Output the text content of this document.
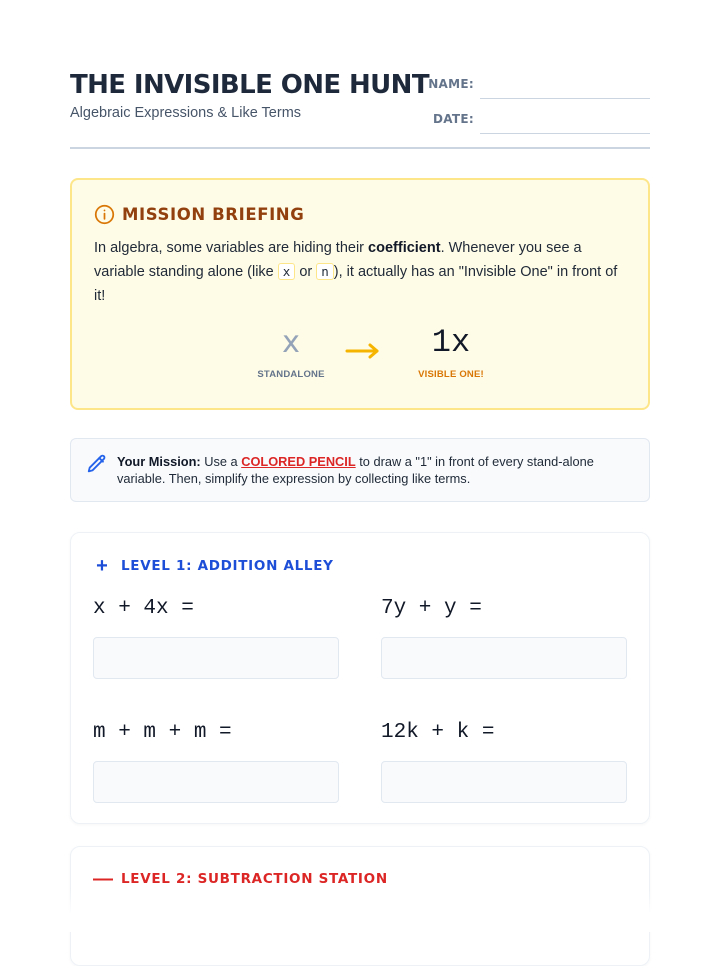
THE INVISIBLE ONE HUNT
Algebraic Expressions & Like Terms
NAME:
DATE:
MISSION BRIEFING
In algebra, some variables are hiding their coefficient. Whenever you see a variable standing alone (like x or n ), it actually has an "Invisible One" in front of it!
x
STANDALONE
1x
VISIBLE ONE!
Your Mission: Use a COLORED PENCIL to draw a "1" in front of every stand-alone variable. Then, simplify the expression by collecting like terms.
+ LEVEL 1: ADDITION ALLEY
x + 4x =	7y + y =
m + m + m =	12k + k =
— LEVEL 2: SUBTRACTION STATION
